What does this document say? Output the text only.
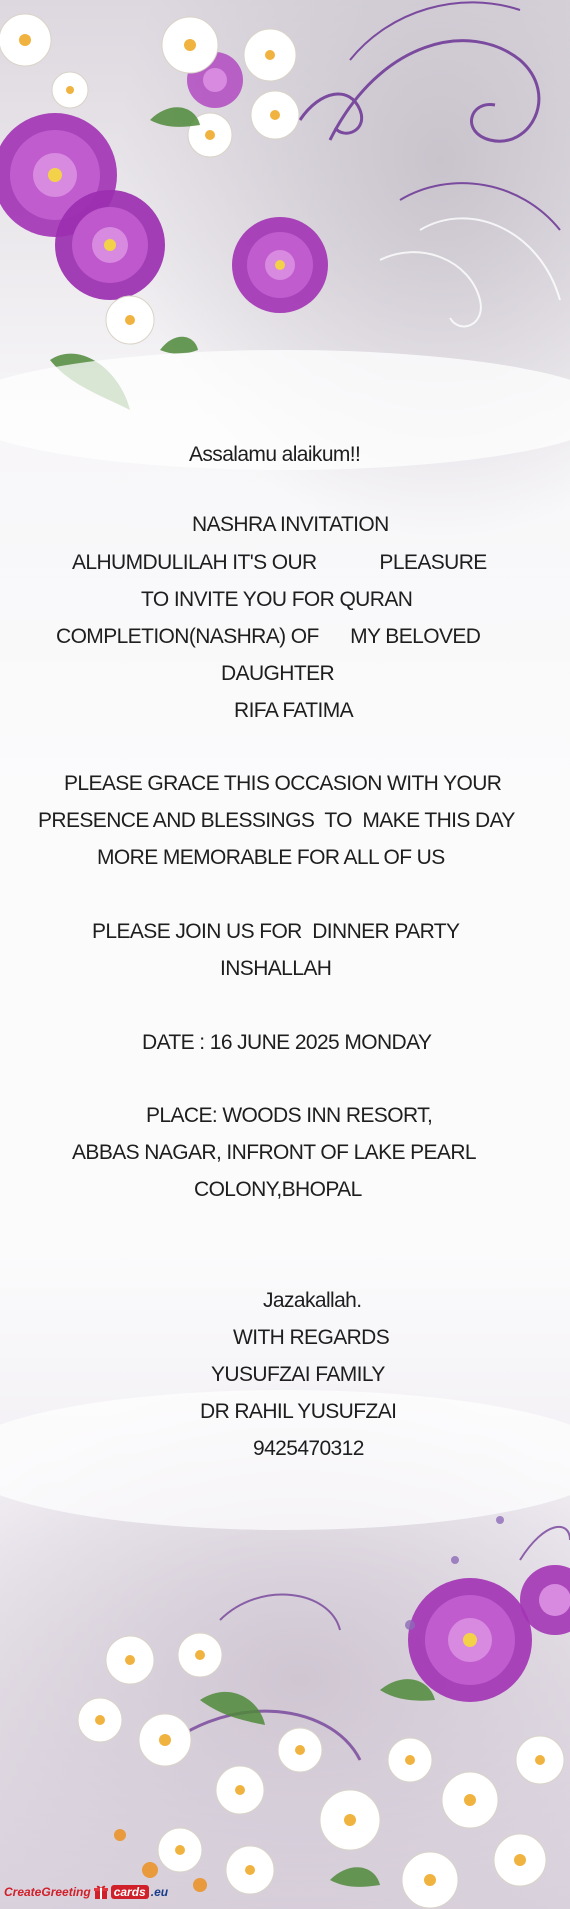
Assalamu alaikum!!
NASHRA INVITATION
ALHUMDULILAH IT'S OUR            PLEASURE
TO INVITE YOU FOR QURAN
COMPLETION(NASHRA) OF      MY BELOVED
DAUGHTER
RIFA FATIMA
PLEASE GRACE THIS OCCASION WITH YOUR
PRESENCE AND BLESSINGS  TO  MAKE THIS DAY
MORE MEMORABLE FOR ALL OF US
PLEASE JOIN US FOR  DINNER PARTY
INSHALLAH
DATE : 16 JUNE 2025 MONDAY
PLACE: WOODS INN RESORT,
ABBAS NAGAR, INFRONT OF LAKE PEARL
COLONY,BHOPAL
Jazakallah.
WITH REGARDS
YUSUFZAI FAMILY
DR RAHIL YUSUFZAI
9425470312
CreateGreeting cards .eu
